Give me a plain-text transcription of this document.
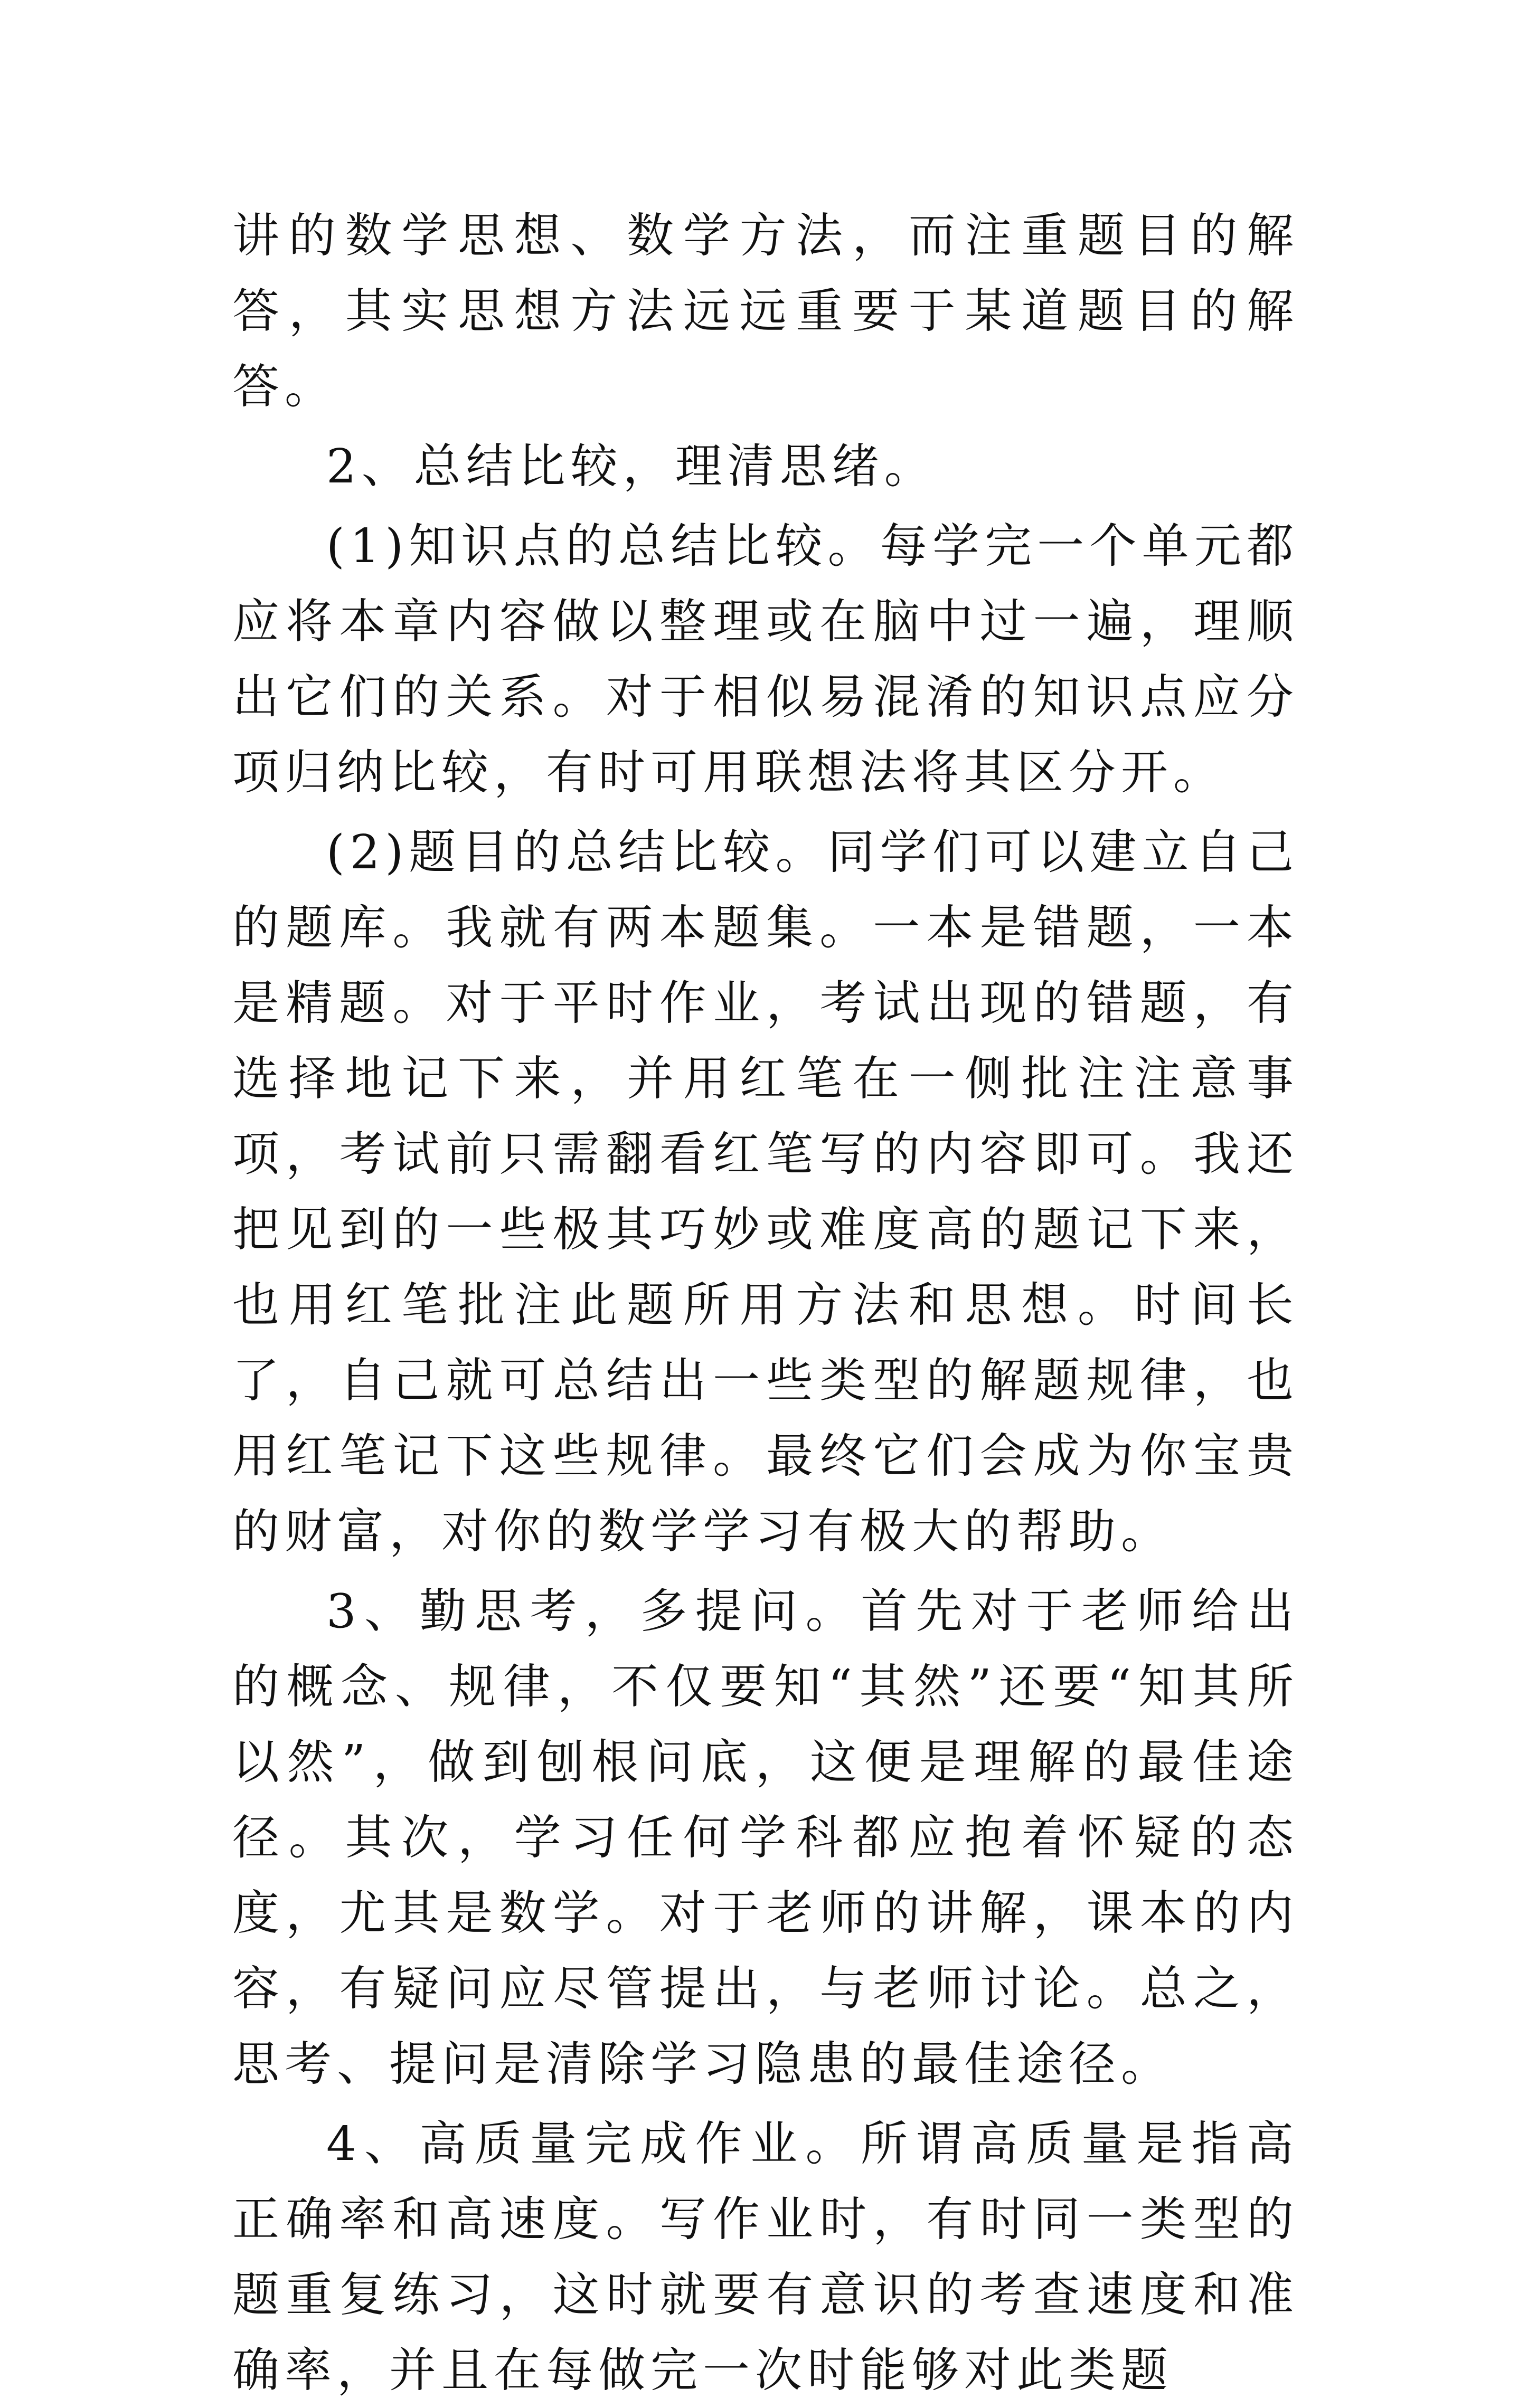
讲的数学思想、数学方法，而注重题目的解答，其实思想方法远远重要于某道题目的解答。

2、总结比较，理清思绪。

(1)知识点的总结比较。每学完一个单元都应将本章内容做以整理或在脑中过一遍，理顺出它们的关系。对于相似易混淆的知识点应分项归纳比较，有时可用联想法将其区分开。

(2)题目的总结比较。同学们可以建立自己的题库。我就有两本题集。一本是错题，一本是精题。对于平时作业，考试出现的错题，有选择地记下来，并用红笔在一侧批注注意事项，考试前只需翻看红笔写的内容即可。我还把见到的一些极其巧妙或难度高的题记下来，也用红笔批注此题所用方法和思想。时间长了，自己就可总结出一些类型的解题规律，也用红笔记下这些规律。最终它们会成为你宝贵的财富，对你的数学学习有极大的帮助。

3、勤思考，多提问。首先对于老师给出的概念、规律，不仅要知“其然”还要“知其所以然”，做到刨根问底，这便是理解的最佳途径。其次，学习任何学科都应抱着怀疑的态度，尤其是数学。对于老师的讲解，课本的内容，有疑问应尽管提出，与老师讨论。总之，思考、提问是清除学习隐患的最佳途径。

4、高质量完成作业。所谓高质量是指高正确率和高速度。写作业时，有时同一类型的题重复练习，这时就要有意识的考查速度和准确率，并且在每做完一次时能够对此类题
